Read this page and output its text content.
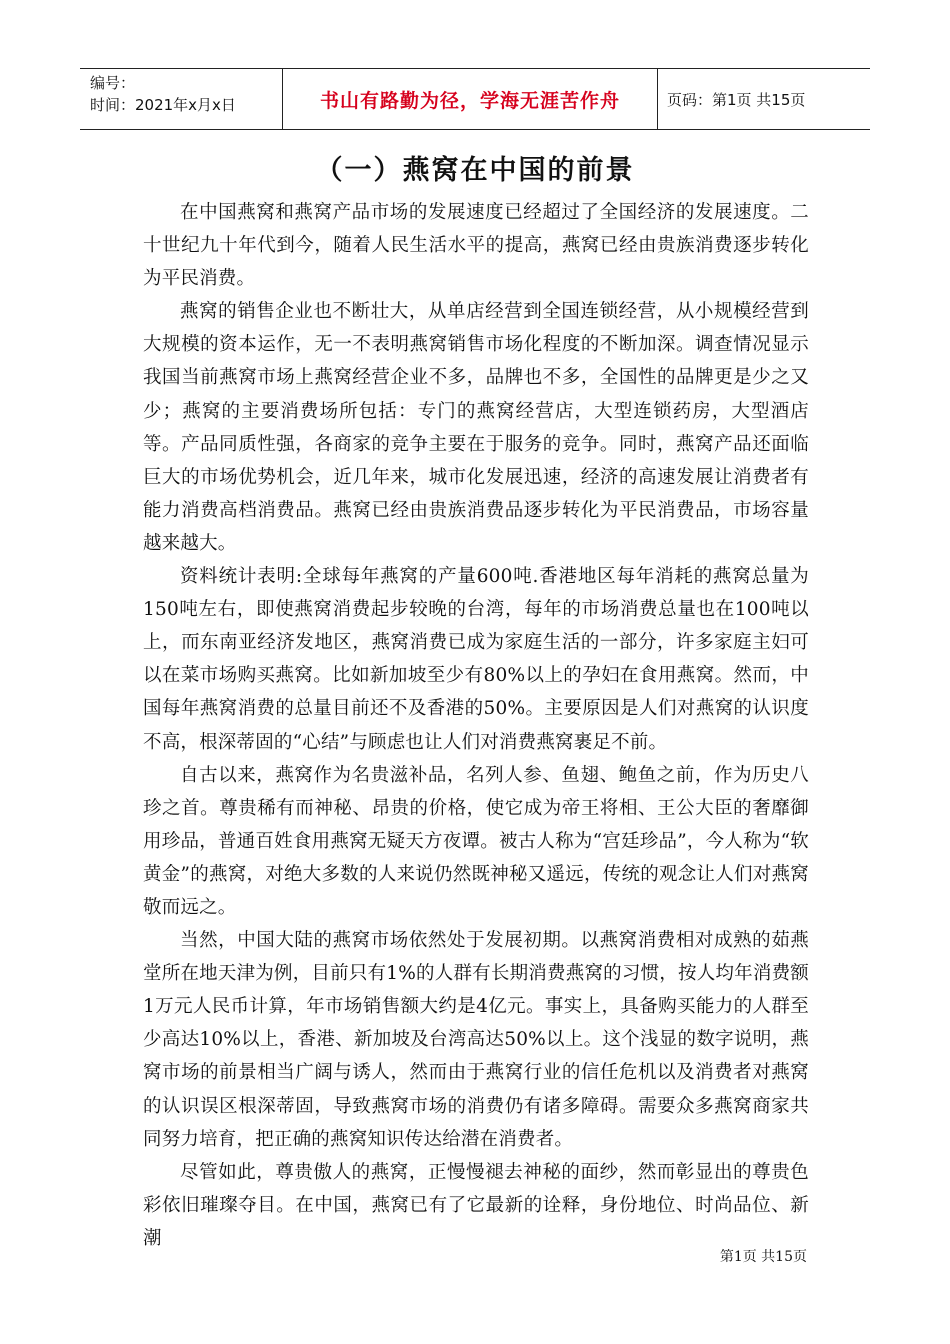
编号：
时间：2021年x月x日	书山有路勤为径，学海无涯苦作舟	页码：第1页 共15页
（一）燕窝在中国的前景

在中国燕窝和燕窝产品市场的发展速度已经超过了全国经济的发展速度。二十世纪九十年代到今，随着人民生活水平的提高，燕窝已经由贵族消费逐步转化为平民消费。

燕窝的销售企业也不断壮大，从单店经营到全国连锁经营，从小规模经营到大规模的资本运作，无一不表明燕窝销售市场化程度的不断加深。调查情况显示我国当前燕窝市场上燕窝经营企业不多，品牌也不多，全国性的品牌更是少之又少；燕窝的主要消费场所包括：专门的燕窝经营店，大型连锁药房，大型酒店等。产品同质性强，各商家的竞争主要在于服务的竞争。同时，燕窝产品还面临巨大的市场优势机会，近几年来，城市化发展迅速，经济的高速发展让消费者有能力消费高档消费品。燕窝已经由贵族消费品逐步转化为平民消费品，市场容量越来越大。

资料统计表明:全球每年燕窝的产量600吨.香港地区每年消耗的燕窝总量为150吨左右，即使燕窝消费起步较晚的台湾，每年的市场消费总量也在100吨以上，而东南亚经济发地区，燕窝消费已成为家庭生活的一部分，许多家庭主妇可以在菜市场购买燕窝。比如新加坡至少有80%以上的孕妇在食用燕窝。然而，中国每年燕窝消费的总量目前还不及香港的50%。主要原因是人们对燕窝的认识度不高，根深蒂固的“心结”与顾虑也让人们对消费燕窝裹足不前。

自古以来，燕窝作为名贵滋补品，名列人参、鱼翅、鲍鱼之前，作为历史八珍之首。尊贵稀有而神秘、昂贵的价格，使它成为帝王将相、王公大臣的奢靡御用珍品，普通百姓食用燕窝无疑天方夜谭。被古人称为“宫廷珍品”，今人称为“软黄金”的燕窝，对绝大多数的人来说仍然既神秘又遥远，传统的观念让人们对燕窝敬而远之。

当然，中国大陆的燕窝市场依然处于发展初期。以燕窝消费相对成熟的茹燕堂所在地天津为例，目前只有1%的人群有长期消费燕窝的习惯，按人均年消费额1万元人民币计算，年市场销售额大约是4亿元。事实上，具备购买能力的人群至少高达10%以上，香港、新加坡及台湾高达50%以上。这个浅显的数字说明，燕窝市场的前景相当广阔与诱人，然而由于燕窝行业的信任危机以及消费者对燕窝的认识误区根深蒂固，导致燕窝市场的消费仍有诸多障碍。需要众多燕窝商家共同努力培育，把正确的燕窝知识传达给潜在消费者。

尽管如此，尊贵傲人的燕窝，正慢慢褪去神秘的面纱，然而彰显出的尊贵色彩依旧璀璨夺目。在中国，燕窝已有了它最新的诠释，身份地位、时尚品位、新潮

第1页 共15页
